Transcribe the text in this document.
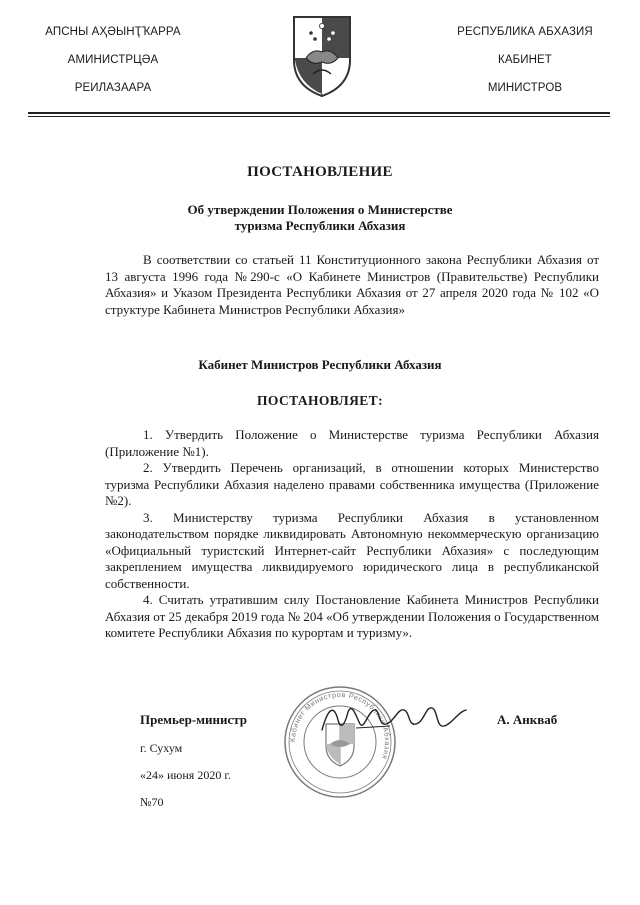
АПСНЫ АҲӘЫНҬҠАРРА
АМИНИСТРЦӘА
РЕИЛАЗААРА
РЕСПУБЛИКА АБХАЗИЯ
КАБИНЕТ
МИНИСТРОВ
ПОСТАНОВЛЕНИЕ
Об утверждении Положения о Министерстве
туризма Республики Абхазия

В соответствии со статьей 11 Конституционного закона Республики Абхазия от 13 августа 1996 года №290-с «О Кабинете Министров (Правительстве) Республики Абхазия» и Указом Президента Республики Абхазия от 27 апреля 2020 года № 102 «О структуре Кабинета Министров Республики Абхазия»

Кабинет Министров Республики Абхазия
ПОСТАНОВЛЯЕТ:
1. Утвердить Положение о Министерстве туризма Республики Абхазия (Приложение №1).
2. Утвердить Перечень организаций, в отношении которых Министерство туризма Республики Абхазия наделено правами собственника имущества (Приложение №2).
3. Министерству туризма Республики Абхазия в установленном законодательством порядке ликвидировать Автономную некоммерческую организацию «Официальный туристский Интернет-сайт Республики Абхазия» с последующим закреплением имущества ликвидируемого юридического лица в республиканской собственности.
4. Считать утратившим силу Постановление Кабинета Министров Республики Абхазия от 25 декабря 2019 года № 204 «Об утверждении Положения о Государственном комитете Республики Абхазия по курортам и туризму».
Кабинет Министров Республики Абхазия
Премьер-министр	А. Анкваб
г. Сухум
«24» июня 2020 г.
№70
